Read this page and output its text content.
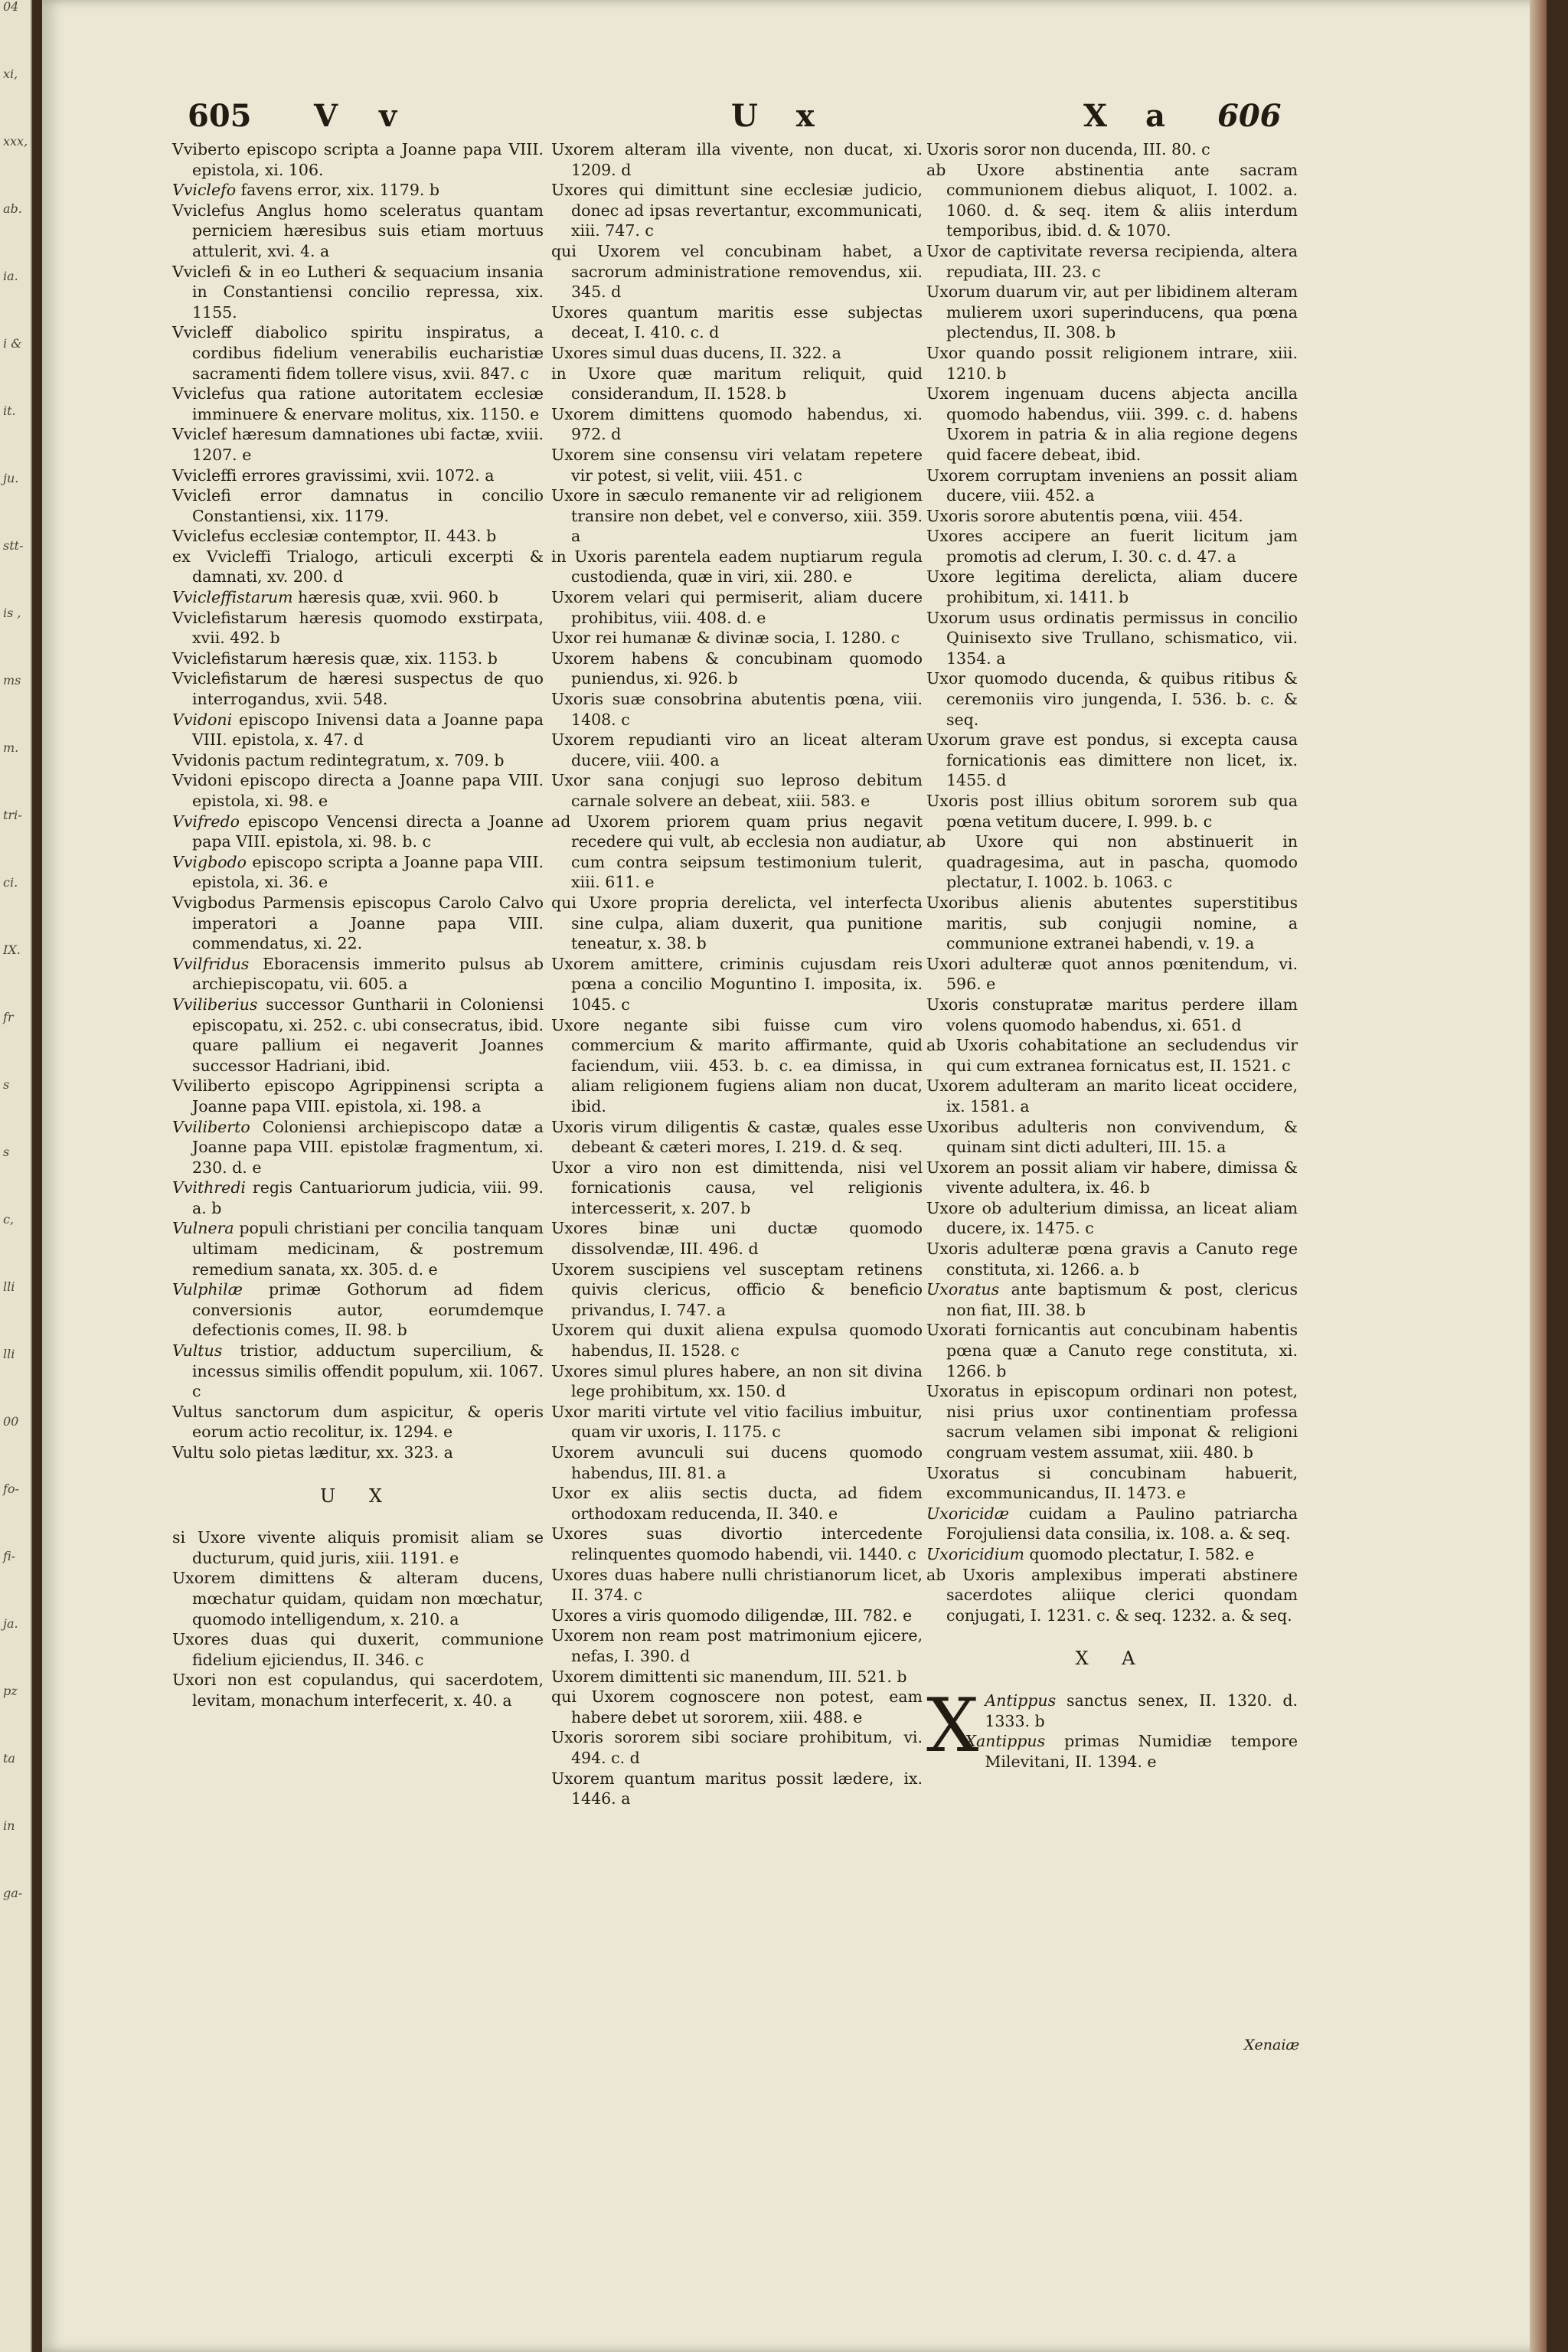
04
xi,
xxx,
ab.
ia.
i &
it.
ju.
stt-
is ,
ms
m.
tri-
ci.
IX.
fr
s
s
c,
lli
lli
00
fo-
fi-
ja.
pz
ta
in
ga-
605 V v	U x	X a 606
Vviberto episcopo scripta a Joanne papa VIII. epistola, xi. 106.
Vviclefo favens error, xix. 1179. b
Vviclefus Anglus homo sceleratus quantam perniciem hæresibus suis etiam mortuus attulerit, xvi. 4. a
Vviclefi & in eo Lutheri & sequacium insania in Constantiensi concilio repressa, xix. 1155.
Vvicleff diabolico spiritu inspiratus, a cordibus fidelium venerabilis eucharistiæ sacramenti fidem tollere visus, xvii. 847. c
Vviclefus qua ratione autoritatem ecclesiæ imminuere & enervare molitus, xix. 1150. e
Vviclef hæresum damnationes ubi factæ, xviii. 1207. e
Vvicleffi errores gravissimi, xvii. 1072. a
Vviclefi error damnatus in concilio Constantiensi, xix. 1179.
Vviclefus ecclesiæ contemptor, II. 443. b
ex Vvicleffi Trialogo, articuli excerpti & damnati, xv. 200. d
Vvicleffistarum hæresis quæ, xvii. 960. b
Vviclefistarum hæresis quomodo exstirpata, xvii. 492. b
Vviclefistarum hæresis quæ, xix. 1153. b
Vviclefistarum de hæresi suspectus de quo interrogandus, xvii. 548.
Vvidoni episcopo Inivensi data a Joanne papa VIII. epistola, x. 47. d
Vvidonis pactum redintegratum, x. 709. b
Vvidoni episcopo directa a Joanne papa VIII. epistola, xi. 98. e
Vvifredo episcopo Vencensi directa a Joanne papa VIII. epistola, xi. 98. b. c
Vvigbodo episcopo scripta a Joanne papa VIII. epistola, xi. 36. e
Vvigbodus Parmensis episcopus Carolo Calvo imperatori a Joanne papa VIII. commendatus, xi. 22.
Vvilfridus Eboracensis immerito pulsus ab archiepiscopatu, vii. 605. a
Vviliberius successor Guntharii in Coloniensi episcopatu, xi. 252. c. ubi consecratus, ibid. quare pallium ei negaverit Joannes successor Hadriani, ibid.
Vviliberto episcopo Agrippinensi scripta a Joanne papa VIII. epistola, xi. 198. a
Vviliberto Coloniensi archiepiscopo datæ a Joanne papa VIII. epistolæ fragmentum, xi. 230. d. e
Vvithredi regis Cantuariorum judicia, viii. 99. a. b
Vulnera populi christiani per concilia tanquam ultimam medicinam, & postremum remedium sanata, xx. 305. d. e
Vulphilæ primæ Gothorum ad fidem conversionis autor, eorumdemque defectionis comes, II. 98. b
Vultus tristior, adductum supercilium, & incessus similis offendit populum, xii. 1067. c
Vultus sanctorum dum aspicitur, & operis eorum actio recolitur, ix. 1294. e
Vultu solo pietas læditur, xx. 323. a
U X
si Uxore vivente aliquis promisit aliam se ducturum, quid juris, xiii. 1191. e
Uxorem dimittens & alteram ducens, mœchatur quidam, quidam non mœchatur, quomodo intelligendum, x. 210. a
Uxores duas qui duxerit, communione fidelium ejiciendus, II. 346. c
Uxori non est copulandus, qui sacerdotem, levitam, monachum interfecerit, x. 40. a
Uxorem alteram illa vivente, non ducat, xi. 1209. d
Uxores qui dimittunt sine ecclesiæ judicio, donec ad ipsas revertantur, excommunicati, xiii. 747. c
qui Uxorem vel concubinam habet, a sacrorum administratione removendus, xii. 345. d
Uxores quantum maritis esse subjectas deceat, I. 410. c. d
Uxores simul duas ducens, II. 322. a
in Uxore quæ maritum reliquit, quid considerandum, II. 1528. b
Uxorem dimittens quomodo habendus, xi. 972. d
Uxorem sine consensu viri velatam repetere vir potest, si velit, viii. 451. c
Uxore in sæculo remanente vir ad religionem transire non debet, vel e converso, xiii. 359. a
in Uxoris parentela eadem nuptiarum regula custodienda, quæ in viri, xii. 280. e
Uxorem velari qui permiserit, aliam ducere prohibitus, viii. 408. d. e
Uxor rei humanæ & divinæ socia, I. 1280. c
Uxorem habens & concubinam quomodo puniendus, xi. 926. b
Uxoris suæ consobrina abutentis pœna, viii. 1408. c
Uxorem repudianti viro an liceat alteram ducere, viii. 400. a
Uxor sana conjugi suo leproso debitum carnale solvere an debeat, xiii. 583. e
ad Uxorem priorem quam prius negavit recedere qui vult, ab ecclesia non audiatur, cum contra seipsum testimonium tulerit, xiii. 611. e
qui Uxore propria derelicta, vel interfecta sine culpa, aliam duxerit, qua punitione teneatur, x. 38. b
Uxorem amittere, criminis cujusdam reis pœna a concilio Moguntino I. imposita, ix. 1045. c
Uxore negante sibi fuisse cum viro commercium & marito affirmante, quid faciendum, viii. 453. b. c. ea dimissa, in aliam religionem fugiens aliam non ducat, ibid.
Uxoris virum diligentis & castæ, quales esse debeant & cæteri mores, I. 219. d. & seq.
Uxor a viro non est dimittenda, nisi vel fornicationis causa, vel religionis intercesserit, x. 207. b
Uxores binæ uni ductæ quomodo dissolvendæ, III. 496. d
Uxorem suscipiens vel susceptam retinens quivis clericus, officio & beneficio privandus, I. 747. a
Uxorem qui duxit aliena expulsa quomodo habendus, II. 1528. c
Uxores simul plures habere, an non sit divina lege prohibitum, xx. 150. d
Uxor mariti virtute vel vitio facilius imbuitur, quam vir uxoris, I. 1175. c
Uxorem avunculi sui ducens quomodo habendus, III. 81. a
Uxor ex aliis sectis ducta, ad fidem orthodoxam reducenda, II. 340. e
Uxores suas divortio intercedente relinquentes quomodo habendi, vii. 1440. c
Uxores duas habere nulli christianorum licet, II. 374. c
Uxores a viris quomodo diligendæ, III. 782. e
Uxorem non ream post matrimonium ejicere, nefas, I. 390. d
Uxorem dimittenti sic manendum, III. 521. b
qui Uxorem cognoscere non potest, eam habere debet ut sororem, xiii. 488. e
Uxoris sororem sibi sociare prohibitum, vi. 494. c. d
Uxorem quantum maritus possit lædere, ix. 1446. a
Uxoris soror non ducenda, III. 80. c
ab Uxore abstinentia ante sacram communionem diebus aliquot, I. 1002. a. 1060. d. & seq. item & aliis interdum temporibus, ibid. d. & 1070.
Uxor de captivitate reversa recipienda, altera repudiata, III. 23. c
Uxorum duarum vir, aut per libidinem alteram mulierem uxori superinducens, qua pœna plectendus, II. 308. b
Uxor quando possit religionem intrare, xiii. 1210. b
Uxorem ingenuam ducens abjecta ancilla quomodo habendus, viii. 399. c. d. habens Uxorem in patria & in alia regione degens quid facere debeat, ibid.
Uxorem corruptam inveniens an possit aliam ducere, viii. 452. a
Uxoris sorore abutentis pœna, viii. 454.
Uxores accipere an fuerit licitum jam promotis ad clerum, I. 30. c. d. 47. a
Uxore legitima derelicta, aliam ducere prohibitum, xi. 1411. b
Uxorum usus ordinatis permissus in concilio Quinisexto sive Trullano, schismatico, vii. 1354. a
Uxor quomodo ducenda, & quibus ritibus & ceremoniis viro jungenda, I. 536. b. c. & seq.
Uxorum grave est pondus, si excepta causa fornicationis eas dimittere non licet, ix. 1455. d
Uxoris post illius obitum sororem sub qua pœna vetitum ducere, I. 999. b. c
ab Uxore qui non abstinuerit in quadragesima, aut in pascha, quomodo plectatur, I. 1002. b. 1063. c
Uxoribus alienis abutentes superstitibus maritis, sub conjugii nomine, a communione extranei habendi, v. 19. a
Uxori adulteræ quot annos pœnitendum, vi. 596. e
Uxoris constupratæ maritus perdere illam volens quomodo habendus, xi. 651. d
ab Uxoris cohabitatione an secludendus vir qui cum extranea fornicatus est, II. 1521. c
Uxorem adulteram an marito liceat occidere, ix. 1581. a
Uxoribus adulteris non convivendum, & quinam sint dicti adulteri, III. 15. a
Uxorem an possit aliam vir habere, dimissa & vivente adultera, ix. 46. b
Uxore ob adulterium dimissa, an liceat aliam ducere, ix. 1475. c
Uxoris adulteræ pœna gravis a Canuto rege constituta, xi. 1266. a. b
Uxoratus ante baptismum & post, clericus non fiat, III. 38. b
Uxorati fornicantis aut concubinam habentis pœna quæ a Canuto rege constituta, xi. 1266. b
Uxoratus in episcopum ordinari non potest, nisi prius uxor continentiam professa sacrum velamen sibi imponat & religioni congruam vestem assumat, xiii. 480. b
Uxoratus si concubinam habuerit, excommunicandus, II. 1473. e
Uxoricidæ cuidam a Paulino patriarcha Forojuliensi data consilia, ix. 108. a. & seq.
Uxoricidium quomodo plectatur, I. 582. e
ab Uxoris amplexibus imperati abstinere sacerdotes aliique clerici quondam conjugati, I. 1231. c. & seq. 1232. a. & seq.
X A
X Antippus sanctus senex, II. 1320. d. 1333. b
Xantippus primas Numidiæ tempore Milevitani, II. 1394. e
Xenaiæ
